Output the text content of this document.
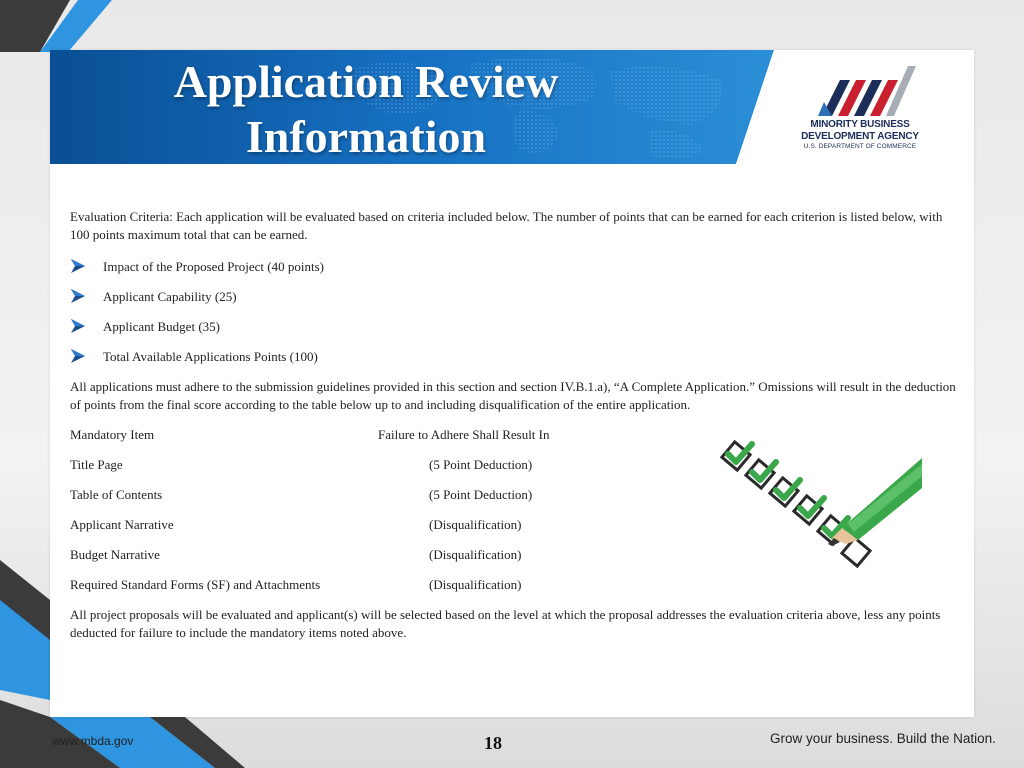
Application Review
Information	MINORITY BUSINESS
DEVELOPMENT AGENCY
U.S. DEPARTMENT OF COMMERCE

Evaluation Criteria: Each application will be evaluated based on criteria included below. The number of points that can be earned for each criterion is listed below, with 100 points maximum total that can be earned.

Impact of the Proposed Project (40 points)
Applicant Capability (25)
Applicant Budget (35)
Total Available Applications Points (100)

All applications must adhere to the submission guidelines provided in this section and section IV.B.1.a), “A Complete Application.” Omissions will result in the deduction of points from the final score according to the table below up to and including disqualification of the entire application.

Mandatory Item	Failure to Adhere Shall Result In
Title Page	(5 Point Deduction)
Table of Contents	(5 Point Deduction)
Applicant Narrative	(Disqualification)
Budget Narrative	(Disqualification)
Required Standard Forms (SF) and Attachments	(Disqualification)

All project proposals will be evaluated and applicant(s) will be selected based on the level at which the proposal addresses the evaluation criteria above, less any points deducted for failure to include the mandatory items noted above.

www.mbda.gov	18	Grow your business. Build the Nation.
